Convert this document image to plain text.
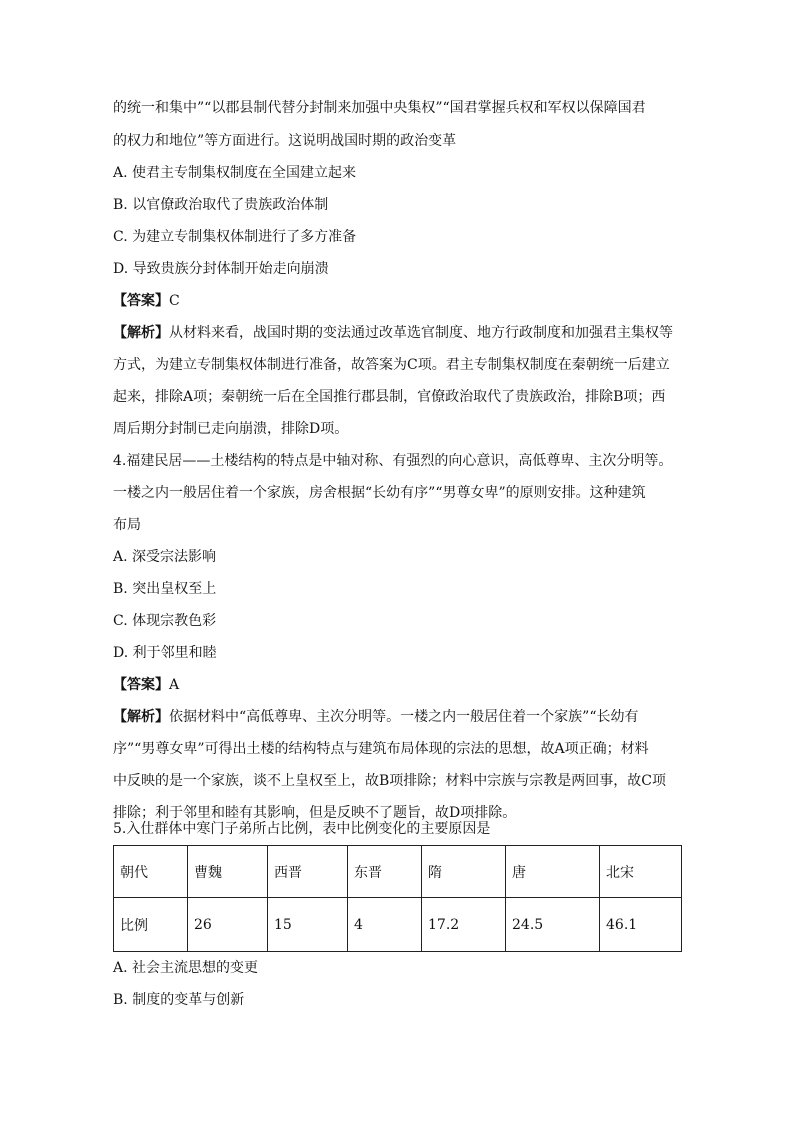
的统一和集中”“以郡县制代替分封制来加强中央集权”“国君掌握兵权和军权以保障国君
的权力和地位”等方面进行。这说明战国时期的政治变革
A. 使君主专制集权制度在全国建立起来
B. 以官僚政治取代了贵族政治体制
C. 为建立专制集权体制进行了多方准备
D. 导致贵族分封体制开始走向崩溃
【答案】C
【解析】从材料来看，战国时期的变法通过改革选官制度、地方行政制度和加强君主集权等
方式，为建立专制集权体制进行准备，故答案为C项。君主专制集权制度在秦朝统一后建立
起来，排除A项；秦朝统一后在全国推行郡县制，官僚政治取代了贵族政治，排除B项；西
周后期分封制已走向崩溃，排除D项。
4.福建民居——土楼结构的特点是中轴对称、有强烈的向心意识，高低尊卑、主次分明等。
一楼之内一般居住着一个家族，房舍根据“长幼有序”“男尊女卑”的原则安排。这种建筑
布局
A. 深受宗法影响
B. 突出皇权至上
C. 体现宗教色彩
D. 利于邻里和睦
【答案】A
【解析】依据材料中“高低尊卑、主次分明等。一楼之内一般居住着一个家族”“长幼有
序”“男尊女卑”可得出土楼的结构特点与建筑布局体现的宗法的思想，故A项正确；材料
中反映的是一个家族，谈不上皇权至上，故B项排除；材料中宗族与宗教是两回事，故C项
排除；利于邻里和睦有其影响，但是反映不了题旨，故D项排除。
5.入仕群体中寒门子弟所占比例，表中比例变化的主要原因是
朝代	曹魏	西晋	东晋	隋	唐	北宋
比例	26	15	4	17.2	24.5	46.1
A. 社会主流思想的变更
B. 制度的变革与创新
